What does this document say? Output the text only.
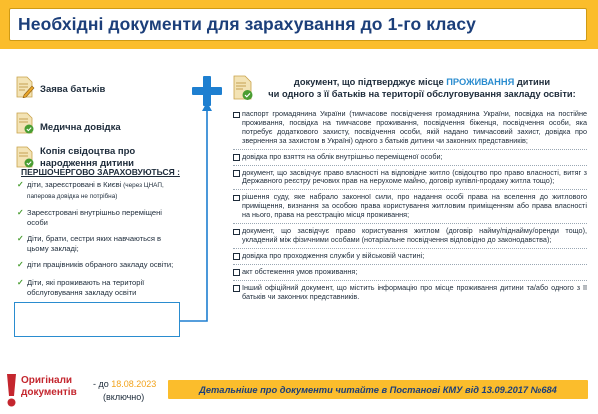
Необхідні документи для зарахування до 1-го класу
Заява батьків
Медична довідка
Копія свідоцтва про
народження дитини
ПЕРШОЧЕРГОВО ЗАРАХОВУЮТЬСЯ :
✓ діти, зареєстровані в Києві (через ЦНАП, паперова довідка не потрібна)
✓ Зареєстровані внутрішньо переміщені особи
✓ Діти, брати, сестри яких навчаються в цьому закладі;
✓ діти працівників обраного закладу освіти;
✓ Діти, які проживають на території обслуговування закладу освіти
документ, що підтверджує місце ПРОЖИВАННЯ дитини
чи одного з її батьків на території обслуговування закладу освіти:
паспорт громадянина України (тимчасове посвідчення громадянина України, посвідка на постійне проживання, посвідка на тимчасове проживання, посвідчення біженця, посвідчення особи, яка потребує додаткового захисту, посвідчення особи, якій надано тимчасовий захист, довідка про звернення за захистом в Україні) одного з батьків дитини чи законних представників;
довідка про взяття на облік внутрішньо переміщеної особи;
документ, що засвідчує право власності на відповідне житло (свідоцтво про право власності, витяг з Державного реєстру речових прав на нерухоме майно, договір купівлі-продажу житла тощо);
рішення суду, яке набрало законної сили, про надання особі права на вселення до житлового приміщення, визнання за особою права користування житловим приміщенням або права власності на нього, права на реєстрацію місця проживання;
документ, що засвідчує право користування житлом (договір найму/піднайму/оренди тощо), укладений між фізичними особами (нотаріальне посвідчення відповідно до законодавства);
довідка про проходження служби у військовій частині;
акт обстеження умов проживання;
Інший офіційний документ, що містить інформацію про місце проживання дитини та/або одного з її батьків чи законних представників.
Оригінали
документів
- до 18.08.2023
(включно)
Детальніше про документи читайте в Постанові КМУ від 13.09.2017 №684
